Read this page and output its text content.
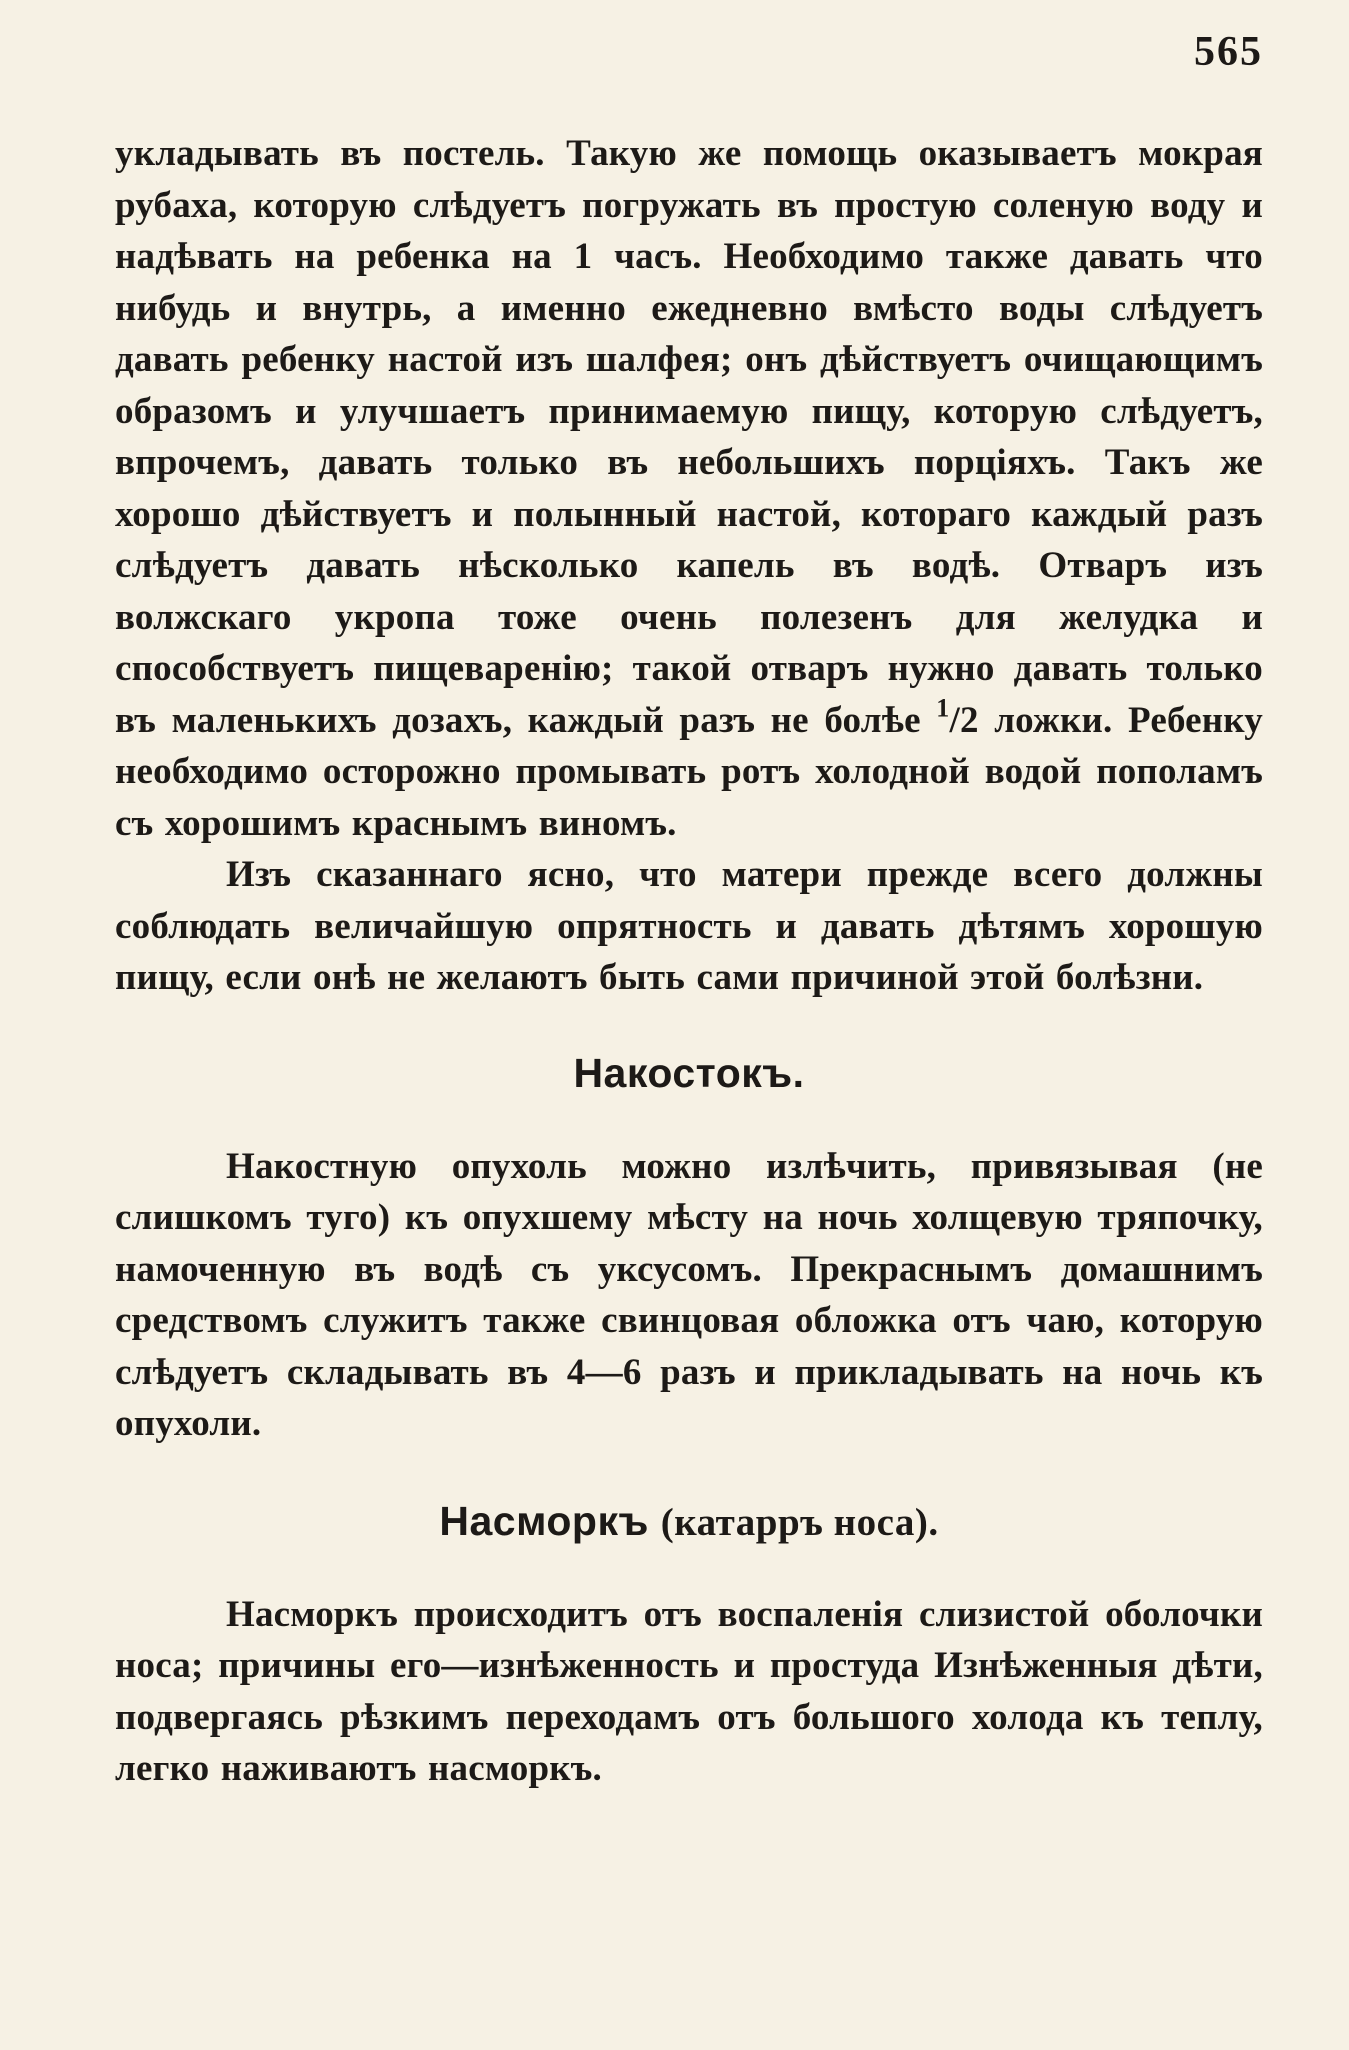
565

укладывать въ постель. Такую же помощь оказываетъ мокрая рубаха, которую слѣдуетъ погружать въ простую соленую воду и надѣвать на ребенка на 1 часъ. Необходимо также давать что нибудь и внутрь, а именно ежедневно вмѣсто воды слѣдуетъ давать ребенку настой изъ шалфея; онъ дѣйствуетъ очищающимъ образомъ и улучшаетъ принимаемую пищу, которую слѣдуетъ, впрочемъ, давать только въ небольшихъ порціяхъ. Такъ же хорошо дѣйствуетъ и полынный настой, котораго каждый разъ слѣдуетъ давать нѣсколько капель въ водѣ. Отваръ изъ волжскаго укропа тоже очень полезенъ для желудка и способствуетъ пищеваренію; такой отваръ нужно давать только въ маленькихъ дозахъ, каждый разъ не болѣе $^1$/2 ложки. Ребенку необходимо осторожно промывать ротъ холодной водой пополамъ съ хорошимъ краснымъ виномъ.

Изъ сказаннаго ясно, что матери прежде всего должны соблюдать величайшую опрятность и давать дѣтямъ хорошую пищу, если онѣ не желаютъ быть сами причиной этой болѣзни.

Накостокъ.

Накостную опухоль можно излѣчить, привязывая (не слишкомъ туго) къ опухшему мѣсту на ночь холщевую тряпочку, намоченную въ водѣ съ уксусомъ. Прекраснымъ домашнимъ средствомъ служитъ также свинцовая обложка отъ чаю, которую слѣдуетъ складывать въ 4—6 разъ и прикладывать на ночь къ опухоли.

Насморкъ (катарръ носа).

Насморкъ происходитъ отъ воспаленія слизистой оболочки носа; причины его—изнѣженность и простуда Изнѣженныя дѣти, подвергаясь рѣзкимъ переходамъ отъ большого холода къ теплу, легко наживаютъ насморкъ.
